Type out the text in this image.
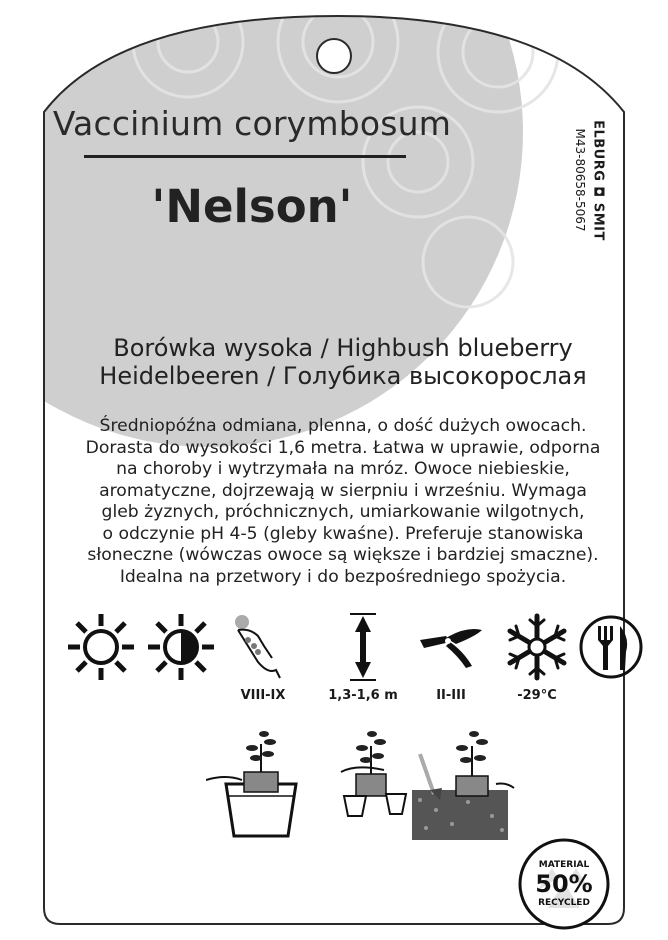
Vaccinium corymbosum
'Nelson'	ELBURG ◘ SMIT
M43-80658-5067
Borówka wysoka / Highbush blueberry
Heidelbeeren / Голубика высокорослая
Średniopóźna odmiana, plenna, o dość dużych owocach.
Dorasta do wysokości 1,6 metra. Łatwa w uprawie, odporna
na choroby i wytrzymała na mróz. Owoce niebieskie,
aromatyczne, dojrzewają w sierpniu i wrześniu. Wymaga
gleb żyznych, próchnicznych, umiarkowanie wilgotnych,
o odczynie pH 4-5 (gleby kwaśne). Preferuje stanowiska
słoneczne (wówczas owoce są większe i bardziej smaczne).
Idealna na przetwory i do bezpośredniego spożycia.
VIII-IX	1,3-1,6 m	II-III	-29°C
MATERIAL
50%
RECYCLED
